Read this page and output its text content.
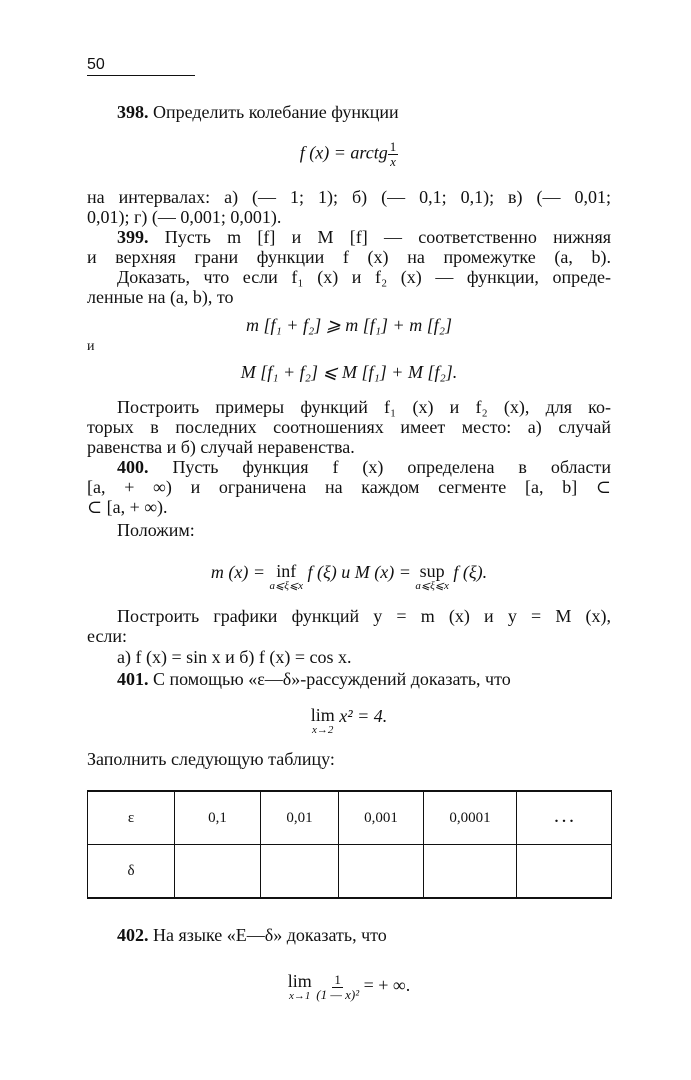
50
398. Определить колебание функции
f (x) = arctg $\frac{1}{x}$
на интервалах: а) (— 1; 1); б) (— 0,1; 0,1); в) (— 0,01;
0,01); г) (— 0,001; 0,001).
399. Пусть m [f] и M [f] — соответственно нижняя
и верхняя грани функции f (x) на промежутке (a, b).
Доказать, что если f₁ (x) и f₂ (x) — функции, опреде-
ленные на (a, b), то
m [f₁ + f₂] ⩾ m [f₁] + m [f₂]
и
M [f₁ + f₂] ⩽ M [f₁] + M [f₂].
Построить примеры функций f₁ (x) и f₂ (x), для ко-
торых в последних соотношениях имеет место: а) случай
равенства и б) случай неравенства.
400. Пусть функция f (x) определена в области
[a, + ∞) и ограничена на каждом сегменте [a, b] ⊂
⊂ [a, + ∞).
Положим:
m (x) = inf
a⩽ξ⩽x
f (ξ) и M (x) = sup
a⩽ξ⩽x
f (ξ).
Построить графики функций y = m (x) и y = M (x),
если:
а) f (x) = sin x и б) f (x) = cos x.
401. С помощью «ε—δ»-рассуждений доказать, что
lim
x→2
x² = 4.
Заполнить следующую таблицу:
ε	0,1	0,01	0,001	0,0001	. . .
δ					
402. На языке «E—δ» доказать, что
lim
x→1
$\frac{1}{\text{(1 — x)²}}$ = + ∞.
